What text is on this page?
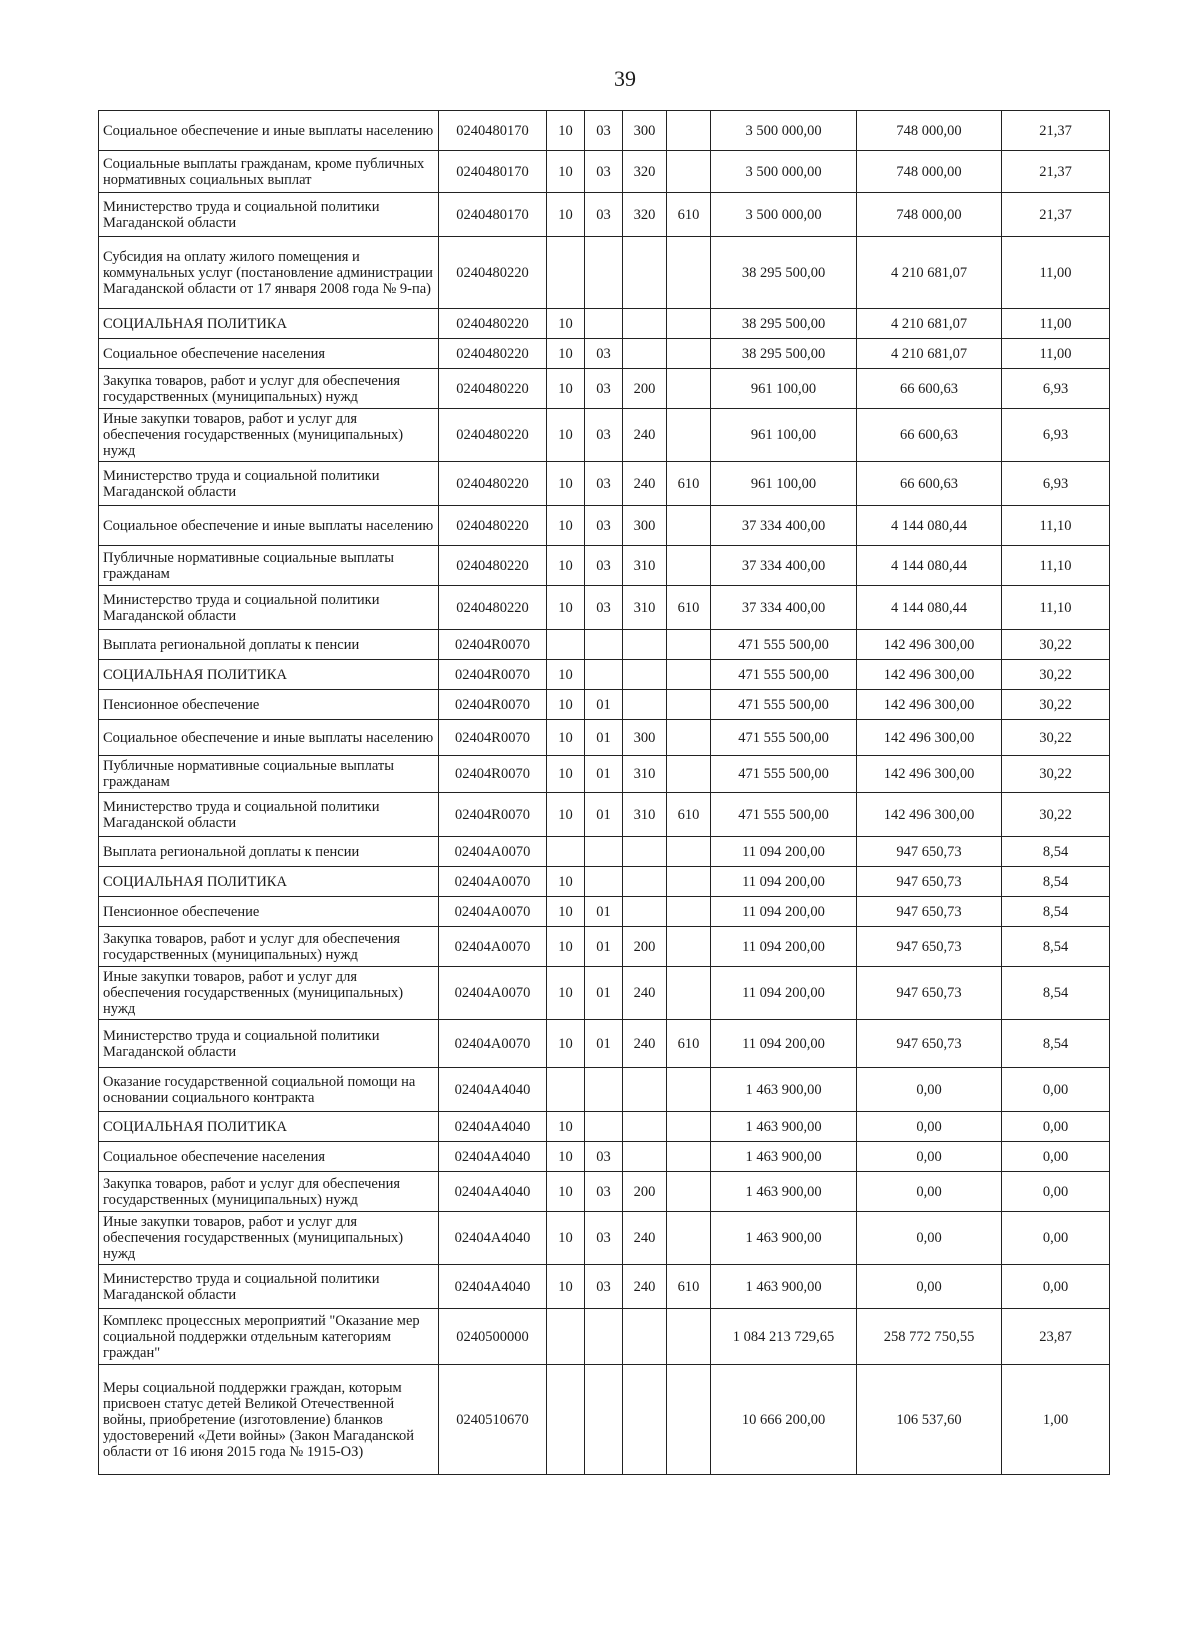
39
Социальное обеспечение и иные выплаты населению	0240480170	10	03	300		3 500 000,00	748 000,00	21,37
Социальные выплаты гражданам, кроме публичных нормативных социальных выплат	0240480170	10	03	320		3 500 000,00	748 000,00	21,37
Министерство труда и социальной политики Магаданской области	0240480170	10	03	320	610	3 500 000,00	748 000,00	21,37
Субсидия на оплату жилого помещения и коммунальных услуг (постановление администрации Магаданской области от 17 января 2008 года № 9-па)	0240480220					38 295 500,00	4 210 681,07	11,00
СОЦИАЛЬНАЯ ПОЛИТИКА	0240480220	10				38 295 500,00	4 210 681,07	11,00
Социальное обеспечение населения	0240480220	10	03			38 295 500,00	4 210 681,07	11,00
Закупка товаров, работ и услуг для обеспечения государственных (муниципальных) нужд	0240480220	10	03	200		961 100,00	66 600,63	6,93
Иные закупки товаров, работ и услуг для обеспечения государственных (муниципальных) нужд	0240480220	10	03	240		961 100,00	66 600,63	6,93
Министерство труда и социальной политики Магаданской области	0240480220	10	03	240	610	961 100,00	66 600,63	6,93
Социальное обеспечение и иные выплаты населению	0240480220	10	03	300		37 334 400,00	4 144 080,44	11,10
Публичные нормативные социальные выплаты гражданам	0240480220	10	03	310		37 334 400,00	4 144 080,44	11,10
Министерство труда и социальной политики Магаданской области	0240480220	10	03	310	610	37 334 400,00	4 144 080,44	11,10
Выплата региональной доплаты к пенсии	02404R0070					471 555 500,00	142 496 300,00	30,22
СОЦИАЛЬНАЯ ПОЛИТИКА	02404R0070	10				471 555 500,00	142 496 300,00	30,22
Пенсионное обеспечение	02404R0070	10	01			471 555 500,00	142 496 300,00	30,22
Социальное обеспечение и иные выплаты населению	02404R0070	10	01	300		471 555 500,00	142 496 300,00	30,22
Публичные нормативные социальные выплаты гражданам	02404R0070	10	01	310		471 555 500,00	142 496 300,00	30,22
Министерство труда и социальной политики Магаданской области	02404R0070	10	01	310	610	471 555 500,00	142 496 300,00	30,22
Выплата региональной доплаты к пенсии	02404A0070					11 094 200,00	947 650,73	8,54
СОЦИАЛЬНАЯ ПОЛИТИКА	02404A0070	10				11 094 200,00	947 650,73	8,54
Пенсионное обеспечение	02404A0070	10	01			11 094 200,00	947 650,73	8,54
Закупка товаров, работ и услуг для обеспечения государственных (муниципальных) нужд	02404A0070	10	01	200		11 094 200,00	947 650,73	8,54
Иные закупки товаров, работ и услуг для обеспечения государственных (муниципальных) нужд	02404A0070	10	01	240		11 094 200,00	947 650,73	8,54
Министерство труда и социальной политики Магаданской области	02404A0070	10	01	240	610	11 094 200,00	947 650,73	8,54
Оказание государственной социальной помощи на основании социального контракта	02404A4040					1 463 900,00	0,00	0,00
СОЦИАЛЬНАЯ ПОЛИТИКА	02404A4040	10				1 463 900,00	0,00	0,00
Социальное обеспечение населения	02404A4040	10	03			1 463 900,00	0,00	0,00
Закупка товаров, работ и услуг для обеспечения государственных (муниципальных) нужд	02404A4040	10	03	200		1 463 900,00	0,00	0,00
Иные закупки товаров, работ и услуг для обеспечения государственных (муниципальных) нужд	02404A4040	10	03	240		1 463 900,00	0,00	0,00
Министерство труда и социальной политики Магаданской области	02404A4040	10	03	240	610	1 463 900,00	0,00	0,00
Комплекс процессных мероприятий "Оказание мер социальной поддержки отдельным категориям граждан"	0240500000					1 084 213 729,65	258 772 750,55	23,87
Меры социальной поддержки граждан, которым присвоен статус детей Великой Отечественной войны, приобретение (изготовление) бланков удостоверений «Дети войны» (Закон Магаданской области от 16 июня 2015 года № 1915-ОЗ)	0240510670					10 666 200,00	106 537,60	1,00
